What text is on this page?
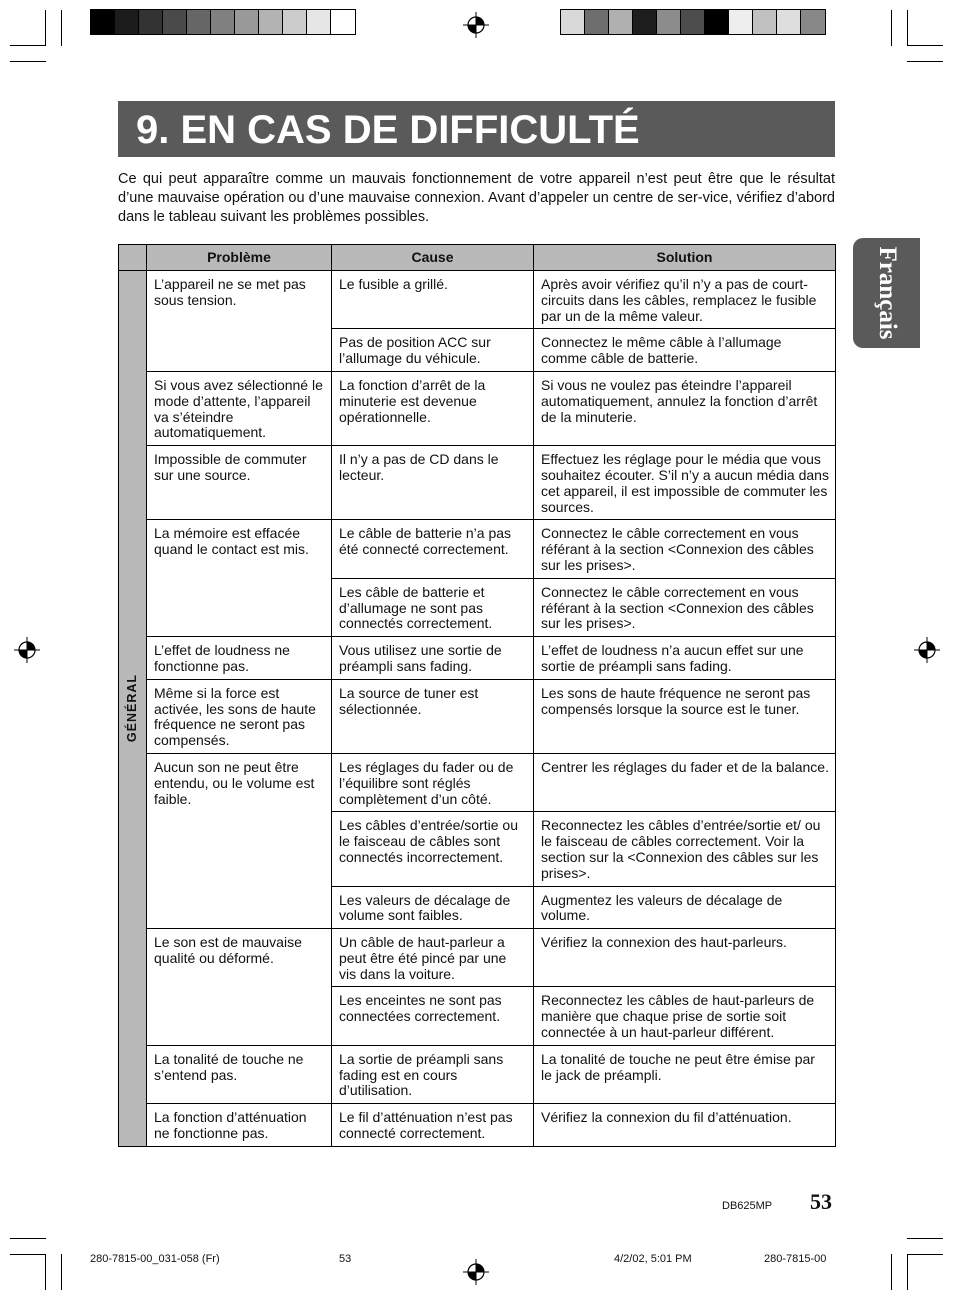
9. EN CAS DE DIFFICULTÉ
Ce qui peut apparaître comme un mauvais fonctionnement de votre appareil n’est peut être que le résultat d’une mauvaise opération ou d’une mauvaise connexion. Avant d’appeler un centre de ser-vice, vérifiez d’abord dans le tableau suivant les problèmes possibles.
Français
	Problème	Cause	Solution

GÉNÉRAL	L’appareil ne se met pas sous tension.	Le fusible a grillé.	Après avoir vérifiez qu’il n’y a pas de court-circuits dans les câbles, remplacez le fusible par un de la même valeur.
		Pas de position ACC sur l’allumage du véhicule.	Connectez le même câble à l’allumage comme câble de batterie.
	Si vous avez sélectionné le mode d’attente, l’appareil va s’éteindre automatiquement.	La fonction d’arrêt de la minuterie est devenue opérationnelle.	Si vous ne voulez pas éteindre l’appareil automatiquement, annulez la fonction d’arrêt de la minuterie.
	Impossible de commuter sur une source.	Il n’y a pas de CD dans le lecteur.	Effectuez les réglage pour le média que vous souhaitez écouter. S’il n’y a aucun média dans cet appareil, il est impossible de commuter les sources.
	La mémoire est effacée quand le contact est mis.	Le câble de batterie n’a pas été connecté correctement.	Connectez le câble correctement en vous référant à la section <Connexion des câbles sur les prises>.
		Les câble de batterie et d’allumage ne sont pas connectés correctement.	Connectez le câble correctement en vous référant à la section <Connexion des câbles sur les prises>.
	L’effet de loudness ne fonctionne pas.	Vous utilisez une sortie de préampli sans fading.	L’effet de loudness n’a aucun effet sur une sortie de préampli sans fading.
	Même si la force est activée, les sons de haute fréquence ne seront pas compensés.	La source de tuner est sélectionnée.	Les sons de haute fréquence ne seront pas compensés lorsque la source est le tuner.
	Aucun son ne peut être entendu, ou le volume est faible.	Les réglages du fader ou de l’équilibre sont réglés complètement d’un côté.	Centrer les réglages du fader et de la balance.
		Les câbles d’entrée/sortie ou le faisceau de câbles sont connectés incorrectement.	Reconnectez les câbles d’entrée/sortie et/ ou le faisceau de câbles correctement. Voir la section sur la <Connexion des câbles sur les prises>.
		Les valeurs de décalage de volume sont faibles.	Augmentez les valeurs de décalage de volume.
	Le son est de mauvaise qualité ou déformé.	Un câble de haut-parleur a peut être été pincé par une vis dans la voiture.	Vérifiez la connexion des haut-parleurs.
		Les enceintes ne sont pas connectées correctement.	Reconnectez les câbles de haut-parleurs de manière que chaque prise de sortie soit connectée à un haut-parleur différent.
	La tonalité de touche ne s’entend pas.	La sortie de préampli sans fading est en cours d’utilisation.	La tonalité de touche ne peut être émise par le jack de préampli.
	La fonction d’atténuation ne fonctionne pas.	Le fil d’atténuation n’est pas connecté correctement.	Vérifiez la connexion du fil d’atténuation.
DB625MP 53
280-7815-00_031-058 (Fr)	53	4/2/02, 5:01 PM	280-7815-00
